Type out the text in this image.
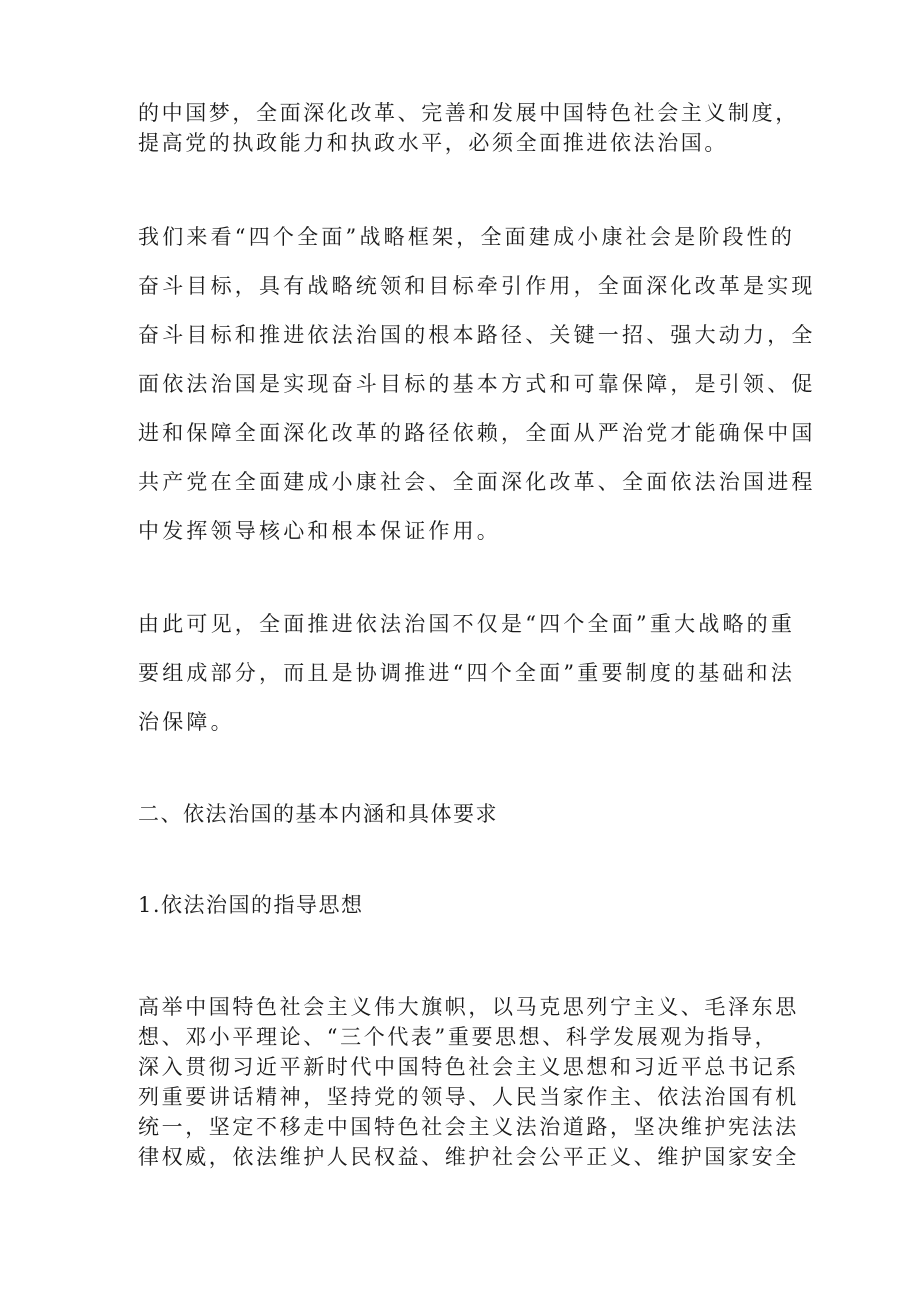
的中国梦，全面深化改革、完善和发展中国特色社会主义制度，

提高党的执政能力和执政水平，必须全面推进依法治国。

我们来看“四个全面”战略框架，全面建成小康社会是阶段性的

奋斗目标，具有战略统领和目标牵引作用，全面深化改革是实现

奋斗目标和推进依法治国的根本路径、关键一招、强大动力，全

面依法治国是实现奋斗目标的基本方式和可靠保障，是引领、促

进和保障全面深化改革的路径依赖，全面从严治党才能确保中国

共产党在全面建成小康社会、全面深化改革、全面依法治国进程

中发挥领导核心和根本保证作用。

由此可见，全面推进依法治国不仅是“四个全面”重大战略的重

要组成部分，而且是协调推进“四个全面”重要制度的基础和法

治保障。

二、依法治国的基本内涵和具体要求
1.依法治国的指导思想

高举中国特色社会主义伟大旗帜，以马克思列宁主义、毛泽东思

想、邓小平理论、“三个代表”重要思想、科学发展观为指导，

深入贯彻习近平新时代中国特色社会主义思想和习近平总书记系

列重要讲话精神，坚持党的领导、人民当家作主、依法治国有机

统一，坚定不移走中国特色社会主义法治道路，坚决维护宪法法

律权威，依法维护人民权益、维护社会公平正义、维护国家安全
